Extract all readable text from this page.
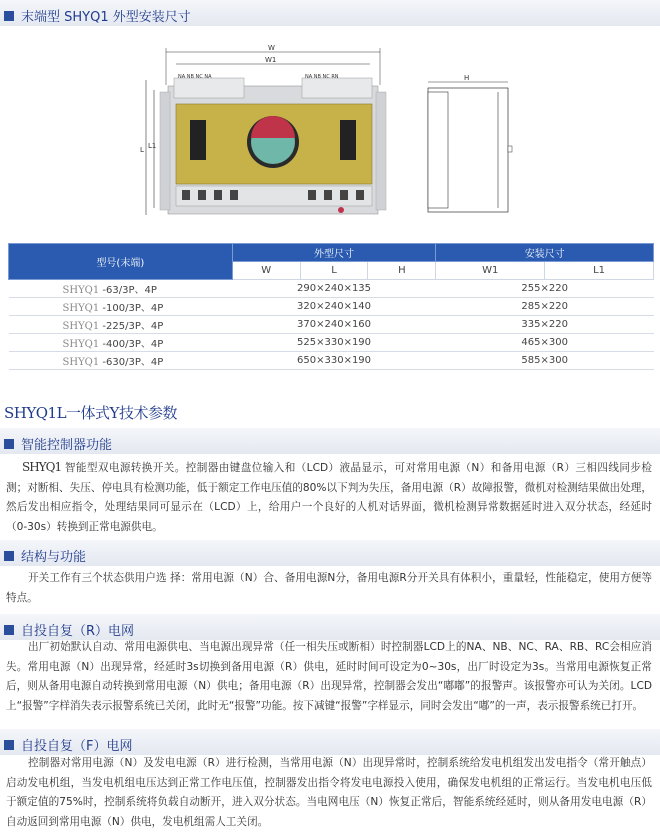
末端型 SHYQ1 外型安装尺寸
W
W1
L L1
NA NB NC NA	NA NB NC RN	H
型号(末端)	外型尺寸			安装尺寸	
	W	L	H	W1	L1
SHYQ1 -63/3P、4P	290×240×135			255×220	
SHYQ1 -100/3P、4P	320×240×140			285×220	
SHYQ1 -225/3P、4P	370×240×160			335×220	
SHYQ1 -400/3P、4P	525×330×190			465×300	
SHYQ1 -630/3P、4P	650×330×190			585×300	
SHYQ1L一体式Y技术参数
智能控制器功能
SHYQ1 智能型双电源转换开关。控制器由键盘位输入和（LCD）液晶显示，可对常用电源（N）和备用电源（R）三相四线同步检测；对断相、失压、停电具有检测功能，低于额定工作电压值的80%以下判为失压，备用电源（R）故障报警，微机对检测结果做出处理，然后发出相应指令，处理结果同可显示在（LCD）上，给用户一个良好的人机对话界面，微机检测异常数据延时进入双分状态，经延时（0-30s）转换到正常电源供电。
结构与功能
开关工作有三个状态供用户选 择：常用电源（N）合、备用电源N分，备用电源R分开关具有体积小，重量轻，性能稳定，使用方便等特点。
自投自复（R）电网
出厂初始默认自动、常用电源供电、当电源出现异常（任一相失压或断相）时控制器LCD上的NA、NB、NC、RA、RB、RC会相应消失。常用电源（N）出现异常，经延时3s切换到备用电源（R）供电，延时时间可设定为0~30s，出厂时设定为3s。当常用电源恢复正常后，则从备用电源自动转换到常用电源（N）供电；备用电源（R）出现异常，控制器会发出“嘟嘟”的报警声。该报警亦可认为关闭。LCD上“报警”字样消失表示报警系统已关闭，此时无“报警”功能。按下减键“报警”字样显示，同时会发出“嘟”的一声，表示报警系统已打开。
自投自复（F）电网
控制器对常用电源（N）及发电电源（R）进行检测，当常用电源（N）出现异常时，控制系统给发电机组发出发电指令（常开触点）启动发电机组，当发电机组电压达到正常工作电压值，控制器发出指令将发电电源投入使用，确保发电机组的正常运行。当发电机电压低于额定值的75%时，控制系统将负载自动断开，进入双分状态。当电网电压（N）恢复正常后，智能系统经延时，则从备用发电电源（R）自动返回到常用电源（N）供电，发电机组需人工关闭。
